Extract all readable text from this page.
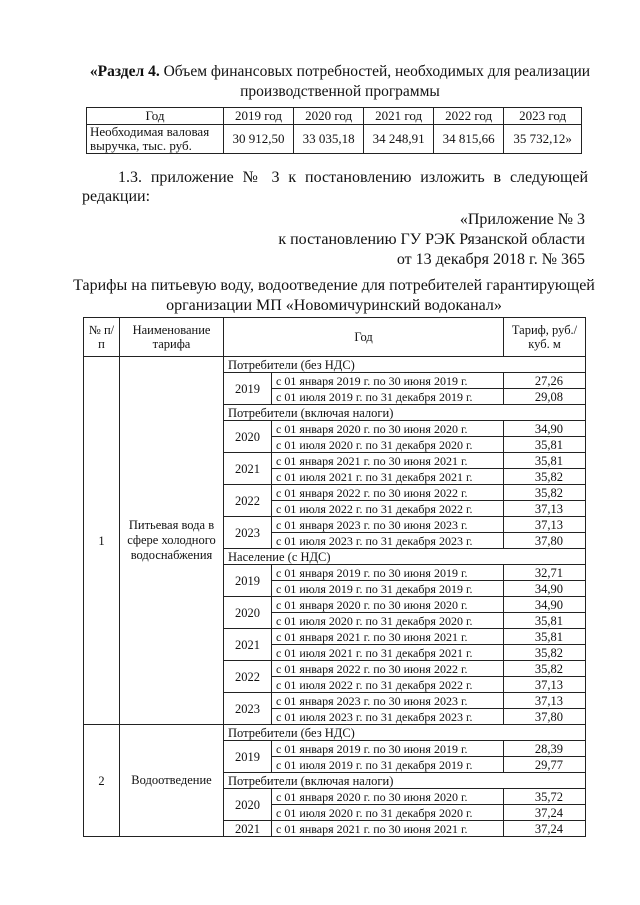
«Раздел 4. Объем финансовых потребностей, необходимых для реализации производственной программы
Год	2019 год	2020 год	2021 год	2022 год	2023 год
Необходимая валовая выручка, тыс. руб.	30 912,50	33 035,18	34 248,91	34 815,66	35 732,12»
1.3. приложение № 3 к постановлению изложить в следующей редакции:
«Приложение № 3
к постановлению ГУ РЭК Рязанской области
от 13 декабря 2018 г. № 365
Тарифы на питьевую воду, водоотведение для потребителей гарантирующей организации МП «Новомичуринский водоканал»
№ п/п	Наименование тарифа	Год		Тариф, руб./куб. м
1	Питьевая вода в сфере холодного водоснабжения	Потребители (без НДС)		
		2019	с 01 января 2019 г. по 30 июня 2019 г.	27,26
			с 01 июля 2019 г. по 31 декабря 2019 г.	29,08
		Потребители (включая налоги)		
		2020	с 01 января 2020 г. по 30 июня 2020 г.	34,90
			с 01 июля 2020 г. по 31 декабря 2020 г.	35,81
		2021	с 01 января 2021 г. по 30 июня 2021 г.	35,81
			с 01 июля 2021 г. по 31 декабря 2021 г.	35,82
		2022	с 01 января 2022 г. по 30 июня 2022 г.	35,82
			с 01 июля 2022 г. по 31 декабря 2022 г.	37,13
		2023	с 01 января 2023 г. по 30 июня 2023 г.	37,13
			с 01 июля 2023 г. по 31 декабря 2023 г.	37,80
		Население (с НДС)		
		2019	с 01 января 2019 г. по 30 июня 2019 г.	32,71
			с 01 июля 2019 г. по 31 декабря 2019 г.	34,90
		2020	с 01 января 2020 г. по 30 июня 2020 г.	34,90
			с 01 июля 2020 г. по 31 декабря 2020 г.	35,81
		2021	с 01 января 2021 г. по 30 июня 2021 г.	35,81
			с 01 июля 2021 г. по 31 декабря 2021 г.	35,82
		2022	с 01 января 2022 г. по 30 июня 2022 г.	35,82
			с 01 июля 2022 г. по 31 декабря 2022 г.	37,13
		2023	с 01 января 2023 г. по 30 июня 2023 г.	37,13
			с 01 июля 2023 г. по 31 декабря 2023 г.	37,80
2	Водоотведение	Потребители (без НДС)		
		2019	с 01 января 2019 г. по 30 июня 2019 г.	28,39
			с 01 июля 2019 г. по 31 декабря 2019 г.	29,77
		Потребители (включая налоги)		
		2020	с 01 января 2020 г. по 30 июня 2020 г.	35,72
			с 01 июля 2020 г. по 31 декабря 2020 г.	37,24
		2021	с 01 января 2021 г. по 30 июня 2021 г.	37,24
